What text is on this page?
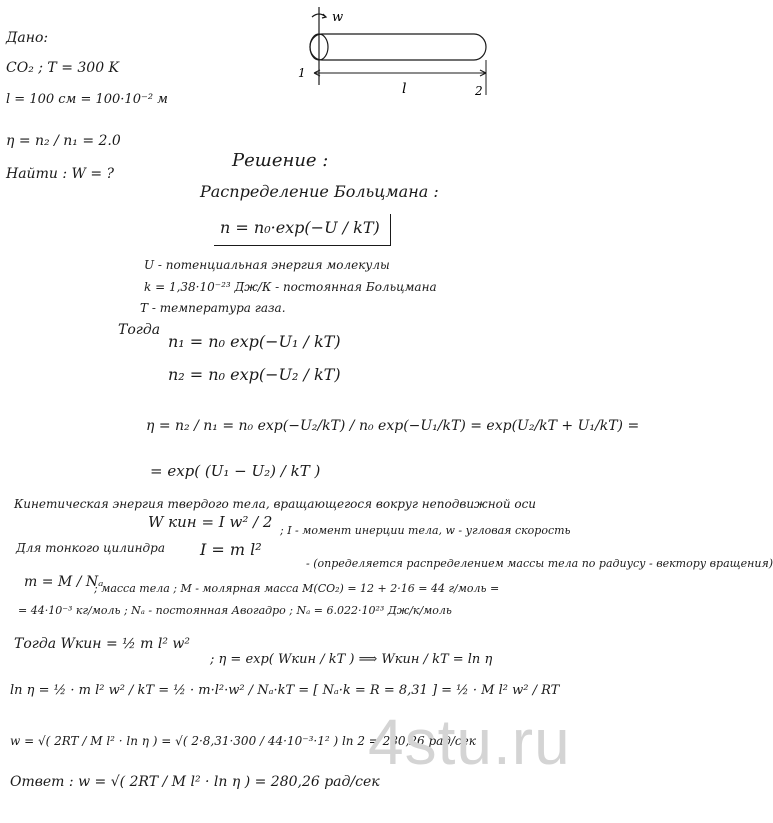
Дано:
CO₂ ; T = 300 K
l = 100 см = 100·10⁻² м
η = n₂ / n₁ = 2.0
Найти : W = ?
w
1
l	2
Решение :
Распределение Больцмана :
n = n₀·exp(−U / kT)
U - потенциальная энергия молекулы
k = 1,38·10⁻²³ Дж/К - постоянная Больцмана
T - температура газа.
Тогда
n₁ = n₀ exp(−U₁ / kT)
n₂ = n₀ exp(−U₂ / kT)
η = n₂ / n₁ = n₀ exp(−U₂/kT) / n₀ exp(−U₁/kT) = exp(U₂/kT + U₁/kT) =
= exp( (U₁ − U₂) / kT )
Кинетическая энергия твердого тела, вращающегося вокруг неподвижной оси
W кин = I w² / 2 ; I - момент инерции тела, w - угловая скорость
Для тонкого цилиндра I = m l²
- (определяется распределением массы тела по радиусу - вектору вращения)
m = M / Nₐ
; масса тела ; M - молярная масса M(CO₂) = 12 + 2·16 = 44 г/моль =
= 44·10⁻³ кг/моль ; Nₐ - постоянная Авогадро ; Nₐ = 6.022·10²³ Дж/к/моль
Тогда Wкин = ½ m l² w²
; η = exp( Wкин / kT ) ⟹ Wкин / kT = ln η
ln η = ½ · m l² w² / kT = ½ · m·l²·w² / Nₐ·kT = [ Nₐ·k = R = 8,31 ] = ½ · M l² w² / RT
w = √( 2RT / M l² · ln η ) = √( 2·8,31·300 / 44·10⁻³·1² ) ln 2 = 280,26 рад/сек
Ответ : w = √( 2RT / M l² · ln η ) = 280,26 рад/сек
4stu.ru
